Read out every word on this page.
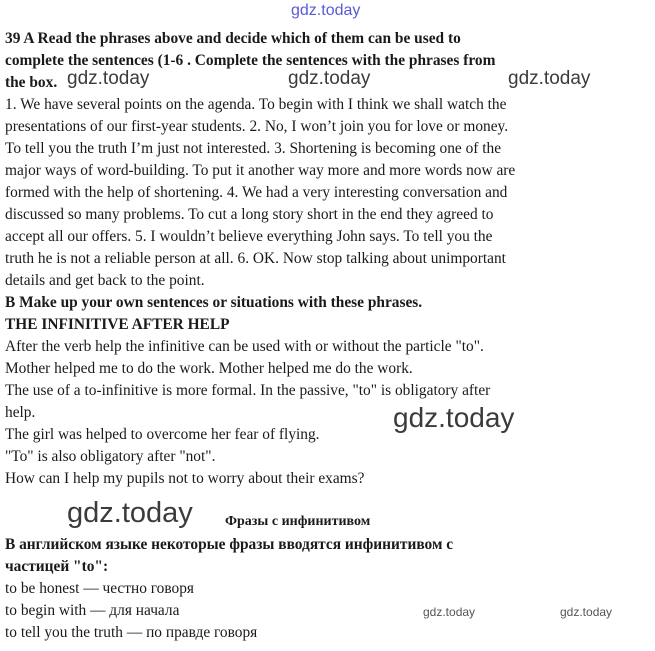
gdz.today
39 A Read the phrases above and decide which of them can be used to
complete the sentences (1-6 . Complete the sentences with the phrases from
the box. gdz.today	gdz.today	gdz.today
1. We have several points on the agenda. To begin with I think we shall watch the
presentations of our first-year students. 2. No, I won’t join you for love or money.
To tell you the truth I’m just not interested. 3. Shortening is becoming one of the
major ways of word-building. To put it another way more and more words now are
formed with the help of shortening. 4. We had a very interesting conversation and
discussed so many problems. To cut a long story short in the end they agreed to
accept all our offers. 5. I wouldn’t believe everything John says. To tell you the
truth he is not a reliable person at all. 6. OK. Now stop talking about unimportant
details and get back to the point.
B Make up your own sentences or situations with these phrases.
THE INFINITIVE AFTER HELP
After the verb help the infinitive can be used with or without the particle "to".
Mother helped me to do the work. Mother helped me do the work.
The use of a to-infinitive is more formal. In the passive, "to" is obligatory after
help.
The girl was helped to overcome her fear of flying.
"To" is also obligatory after "not".
How can I help my pupils not to worry about their exams?
gdz.today
gdz.today Фразы с инфинитивом
В английском языке некоторые фразы вводятся инфинитивом с
частицей "to":
to be honest — честно говоря
to begin with — для начала
to tell you the truth — по правде говоря
gdz.today	gdz.today
